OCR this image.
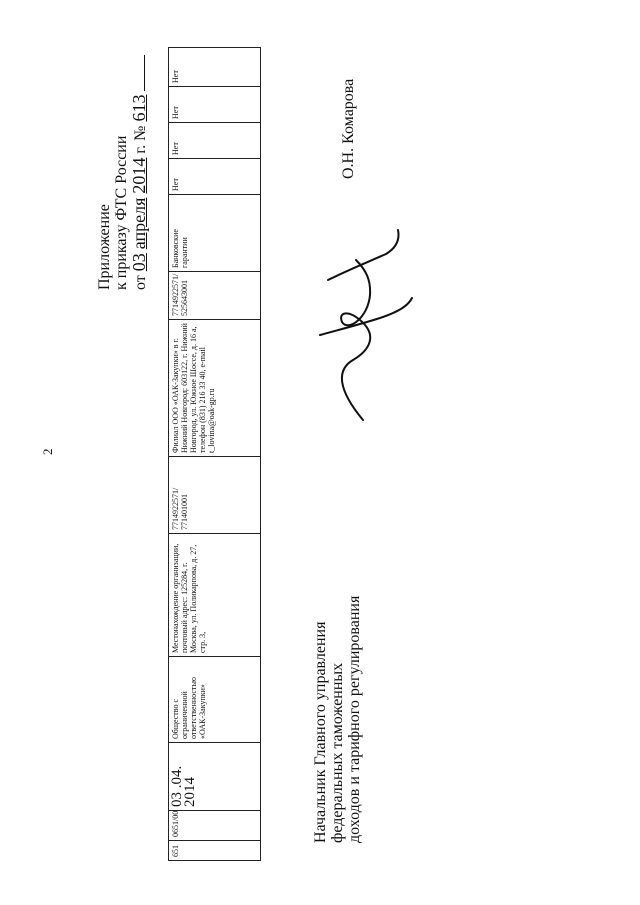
2
Приложение к приказу ФТС России от 03 апреля 2014 г. № 613
651	0651/00	03 .04. 2014	Общество с ограниченной ответственностью «ОАК-Закупки»	Местонахождение организации, почтовый адрес: 125284, г. Москва, ул. Поликарпова, д. 27, стр. 3,	7714922571/ 771401001	Филиал ООО «ОАК-Закупки» в г. Нижний Новгород: 603122, г. Нижний Новгород, ул. Южное Шоссе, д. 16 а, телефон (831) 216 33 40, e-mail t_lovina@oak-gp.ru	7714922571/ 525643001	Банковские гарантии	Нет	Нет	Нет	Нет
Начальник Главного управления федеральных таможенных доходов и тарифного регулирования
О.Н. Комарова
